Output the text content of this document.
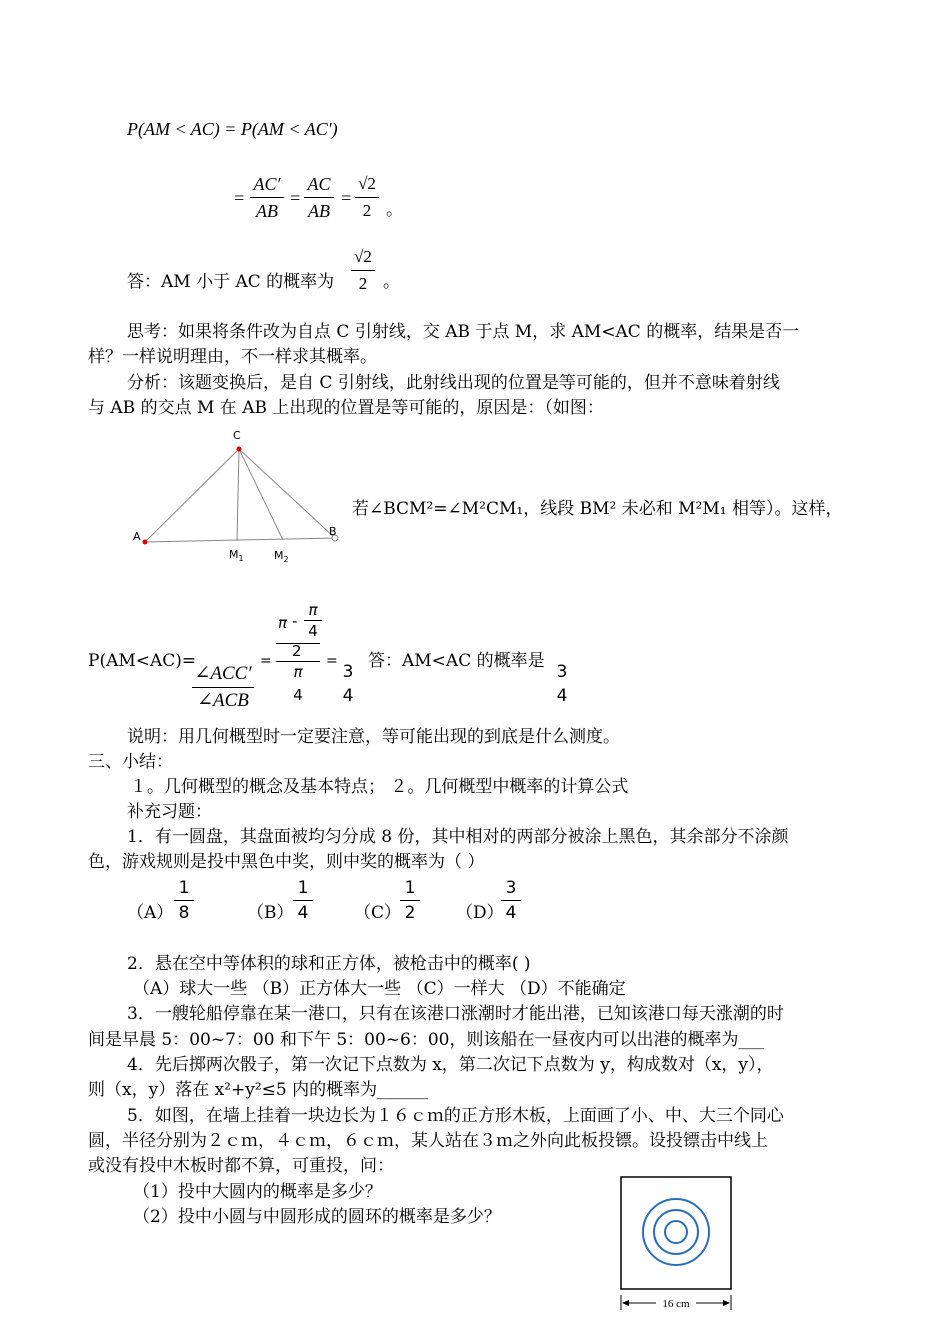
P(AM < AC) = P(AM < AC′)
=
AC′
AB
=
AC
AB
=
√2
2 。
答：AM 小于 AC 的概率为
√2
2 。
思考：如果将条件改为自点 C 引射线，交 AB 于点 M，求 AM<AC 的概率，结果是否一
样？一样说明理由，不一样求其概率。
分析：该题变换后，是自 C 引射线，此射线出现的位置是等可能的，但并不意味着射线
与 AB 的交点 M 在 AB 上出现的位置是等可能的，原因是：（如图：
C
A	B
$M_1$	$M_2$
若∠BCM²=∠M²CM₁，线段 BM² 未必和 M²M₁ 相等）。这样，
P(AM<AC)=
∠ACC′
∠ACB
=
π -
π
4
2
π
4
=
3
4
答：AM<AC 的概率是
3
4
说明：用几何概型时一定要注意，等可能出现的到底是什么测度。
三、小结：
１。几何概型的概念及基本特点； ２。几何概型中概率的计算公式
补充习题：
1．有一圆盘，其盘面被均匀分成 8 份，其中相对的两部分被涂上黑色，其余部分不涂颜
色，游戏规则是投中黑色中奖，则中奖的概率为（ ）
（A）
1
8	（B）
1
4	（C）
1
2 （D）
3
4
2．悬在空中等体积的球和正方体，被枪击中的概率( )
（A）球大一些 （B）正方体大一些 （C）一样大 （D）不能确定
3．一艘轮船停靠在某一港口，只有在该港口涨潮时才能出港，已知该港口每天涨潮的时
间是早晨 5：00~7：00 和下午 5：00~6：00，则该船在一昼夜内可以出港的概率为___
4．先后掷两次骰子，第一次记下点数为 x，第二次记下点数为 y，构成数对（x，y），
则（x，y）落在 x²+y²≤5 内的概率为______
5．如图，在墙上挂着一块边长为１６ｃｍ的正方形木板，上面画了小、中、大三个同心
圆，半径分别为２ｃｍ，４ｃｍ，６ｃｍ，某人站在３ｍ之外向此板投镖。设投镖击中线上
或没有投中木板时都不算，可重投，问：
（1）投中大圆内的概率是多少？
（2）投中小圆与中圆形成的圆环的概率是多少？
16 cm
